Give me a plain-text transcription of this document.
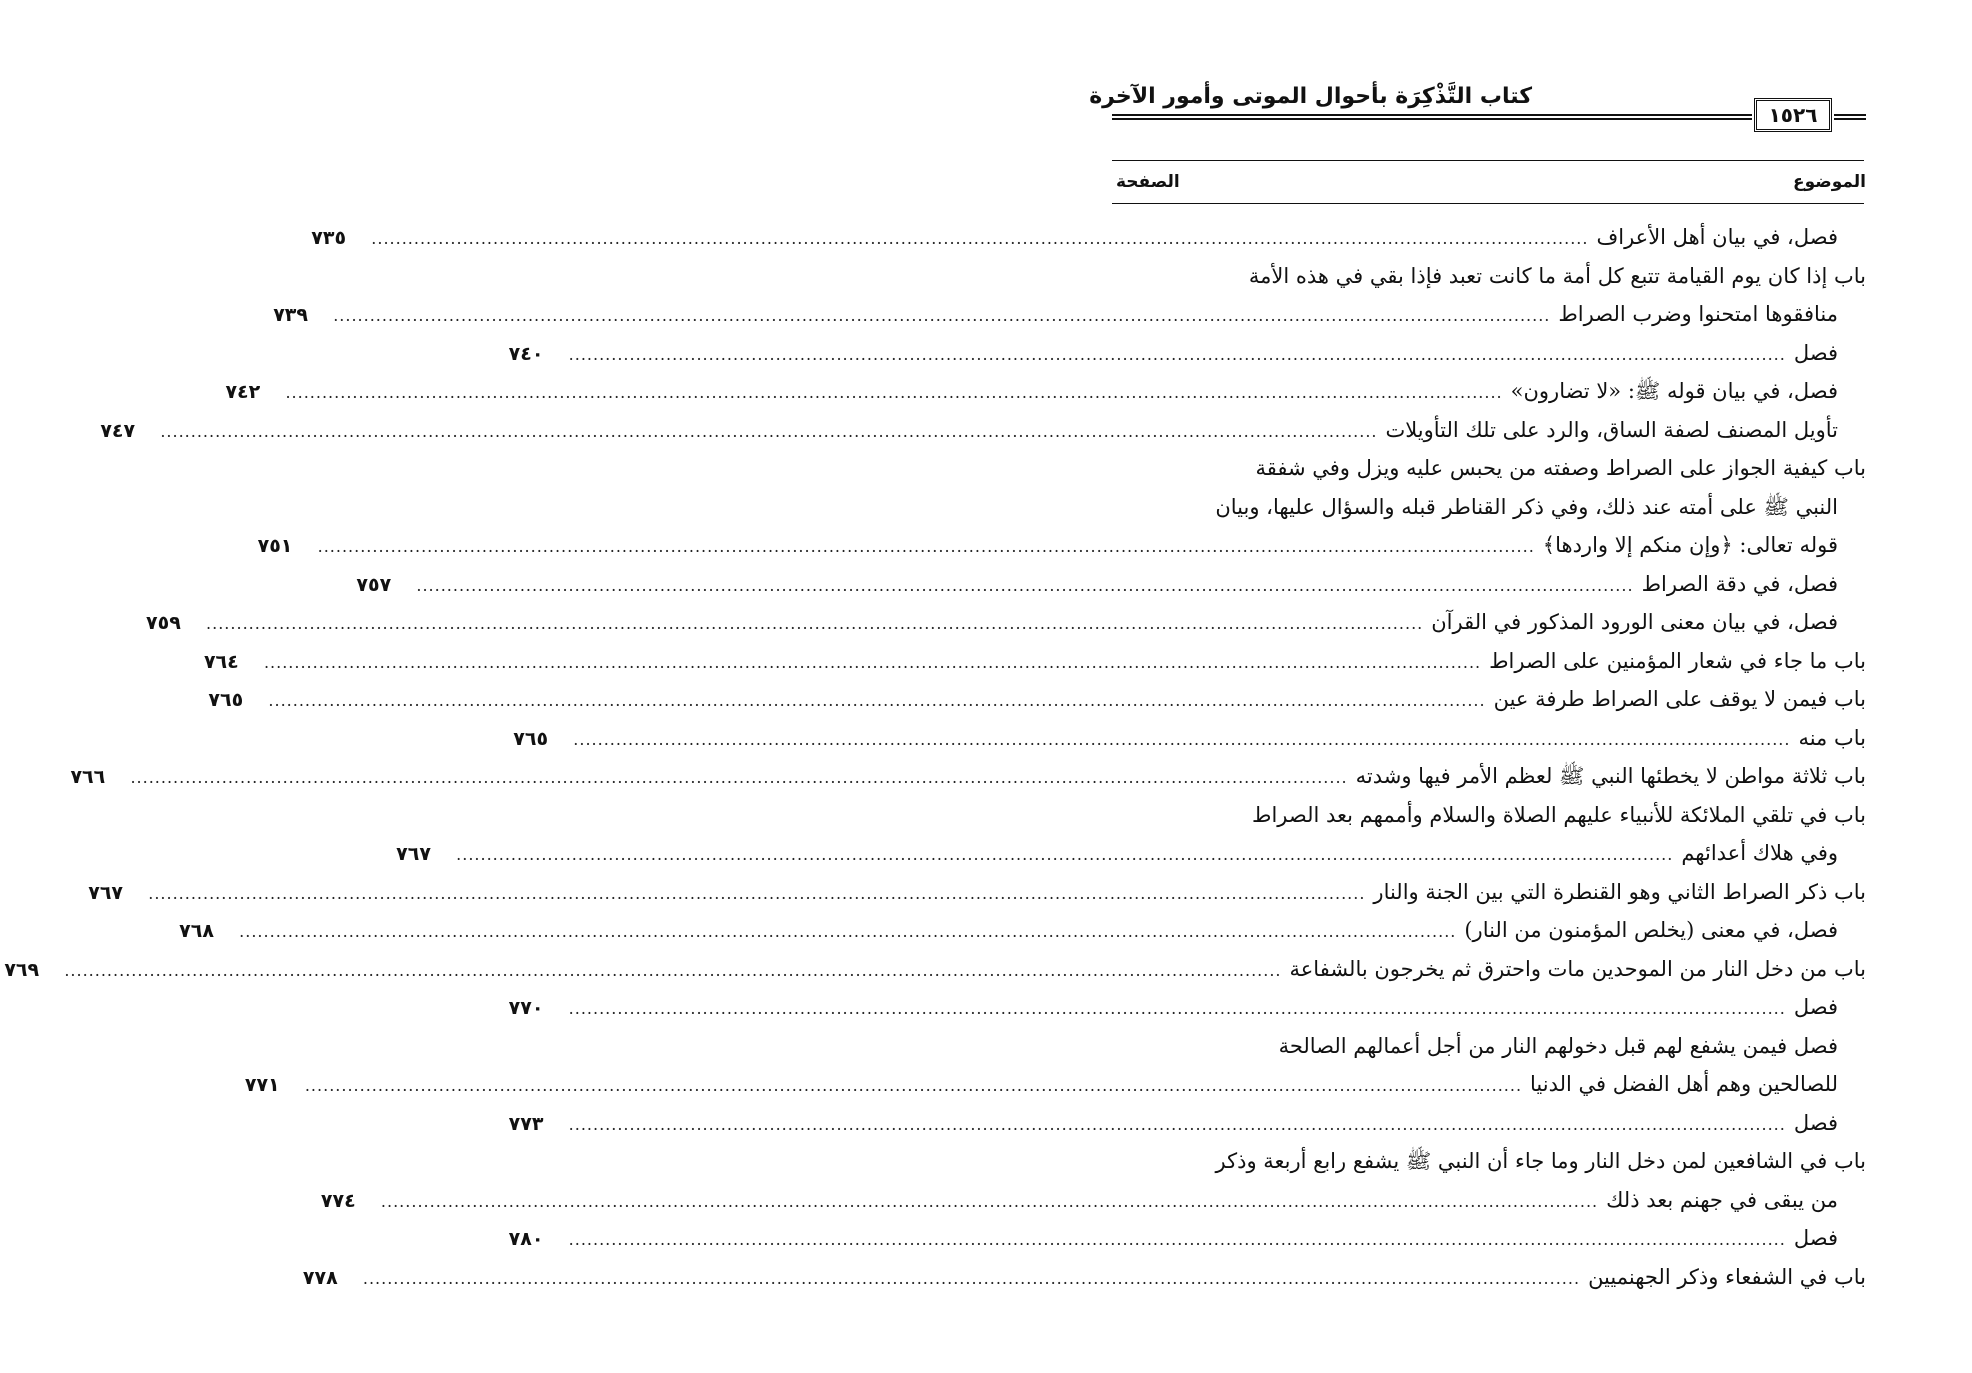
كتاب التَّذْكِرَة بأحوال الموتى وأمور الآخرة
١٥٢٦
الموضوع
الصفحة
فصل، في بيان أهل الأعراف
........................................................................................................................................................................................................
٧٣٥
باب إذا كان يوم القيامة تتبع كل أمة ما كانت تعبد فإذا بقي في هذه الأمة
منافقوها امتحنوا وضرب الصراط
........................................................................................................................................................................................................
٧٣٩
فصل
........................................................................................................................................................................................................
٧٤٠
فصل، في بيان قوله ﷺ: «لا تضارون»
........................................................................................................................................................................................................
٧٤٢
تأويل المصنف لصفة الساق، والرد على تلك التأويلات
........................................................................................................................................................................................................
٧٤٧
باب كيفية الجواز على الصراط وصفته من يحبس عليه ويزل وفي شفقة
النبي ﷺ على أمته عند ذلك، وفي ذكر القناطر قبله والسؤال عليها، وبيان
قوله تعالى: ﴿وإن منكم إلا واردها﴾
........................................................................................................................................................................................................
٧٥١
فصل، في دقة الصراط
........................................................................................................................................................................................................
٧٥٧
فصل، في بيان معنى الورود المذكور في القرآن
........................................................................................................................................................................................................
٧٥٩
باب ما جاء في شعار المؤمنين على الصراط
........................................................................................................................................................................................................
٧٦٤
باب فيمن لا يوقف على الصراط طرفة عين
........................................................................................................................................................................................................
٧٦٥
باب منه
........................................................................................................................................................................................................
٧٦٥
باب ثلاثة مواطن لا يخطئها النبي ﷺ لعظم الأمر فيها وشدته
........................................................................................................................................................................................................
٧٦٦
باب في تلقي الملائكة للأنبياء عليهم الصلاة والسلام وأممهم بعد الصراط
وفي هلاك أعدائهم
........................................................................................................................................................................................................
٧٦٧
باب ذكر الصراط الثاني وهو القنطرة التي بين الجنة والنار
........................................................................................................................................................................................................
٧٦٧
فصل، في معنى (يخلص المؤمنون من النار)
........................................................................................................................................................................................................
٧٦٨
باب من دخل النار من الموحدين مات واحترق ثم يخرجون بالشفاعة
........................................................................................................................................................................................................
٧٦٩
فصل
........................................................................................................................................................................................................
٧٧٠
فصل فيمن يشفع لهم قبل دخولهم النار من أجل أعمالهم الصالحة
للصالحين وهم أهل الفضل في الدنيا
........................................................................................................................................................................................................
٧٧١
فصل
........................................................................................................................................................................................................
٧٧٣
باب في الشافعين لمن دخل النار وما جاء أن النبي ﷺ يشفع رابع أربعة وذكر
من يبقى في جهنم بعد ذلك
........................................................................................................................................................................................................
٧٧٤
فصل
........................................................................................................................................................................................................
٧٨٠
باب في الشفعاء وذكر الجهنميين
........................................................................................................................................................................................................
٧٧٨
